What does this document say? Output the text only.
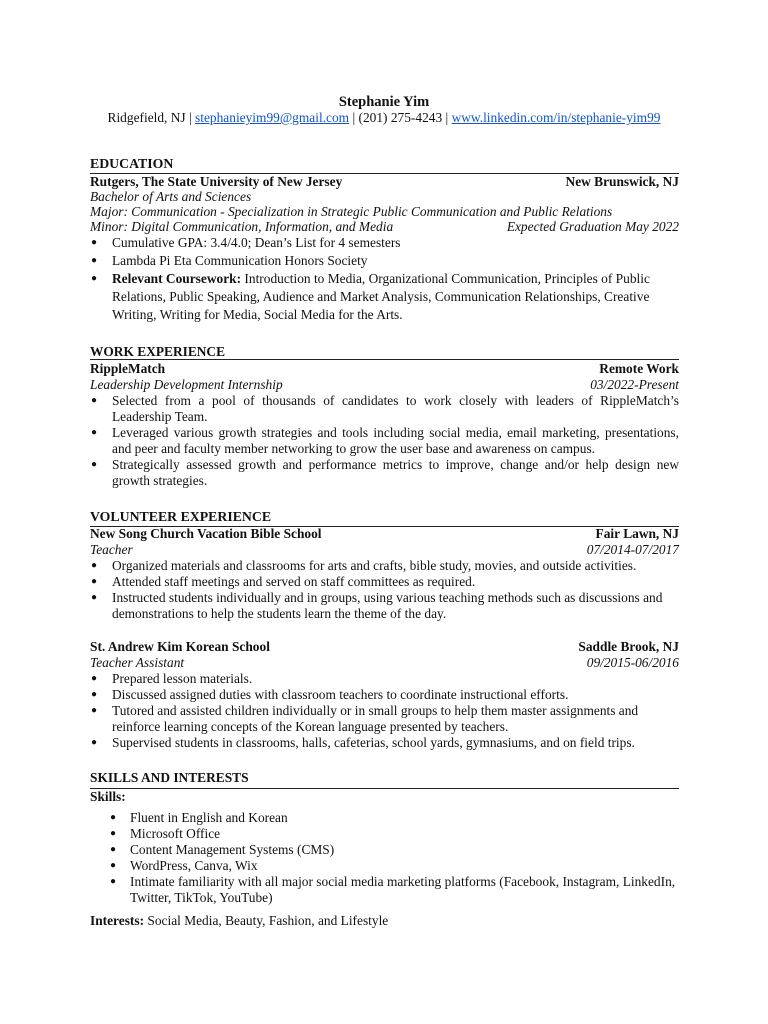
Stephanie Yim
Ridgefield, NJ | stephanieyim99@gmail.com | (201) 275-4243 | www.linkedin.com/in/stephanie-yim99
EDUCATION
Rutgers, The State University of New Jersey	New Brunswick, NJ
Bachelor of Arts and Sciences
Major: Communication - Specialization in Strategic Public Communication and Public Relations
Minor: Digital Communication, Information, and Media	Expected Graduation May 2022
● Cumulative GPA: 3.4/4.0; Dean’s List for 4 semesters
● Lambda Pi Eta Communication Honors Society
● Relevant Coursework: Introduction to Media, Organizational Communication, Principles of Public Relations, Public Speaking, Audience and Market Analysis, Communication Relationships, Creative Writing, Writing for Media, Social Media for the Arts.
WORK EXPERIENCE
RippleMatch	Remote Work
Leadership Development Internship	03/2022-Present
● Selected from a pool of thousands of candidates to work closely with leaders of RippleMatch’s Leadership Team.
● Leveraged various growth strategies and tools including social media, email marketing, presentations, and peer and faculty member networking to grow the user base and awareness on campus.
● Strategically assessed growth and performance metrics to improve, change and/or help design new growth strategies.
VOLUNTEER EXPERIENCE
New Song Church Vacation Bible School	Fair Lawn, NJ
Teacher	07/2014-07/2017
● Organized materials and classrooms for arts and crafts, bible study, movies, and outside activities.
● Attended staff meetings and served on staff committees as required.
● Instructed students individually and in groups, using various teaching methods such as discussions and demonstrations to help the students learn the theme of the day.
St. Andrew Kim Korean School	Saddle Brook, NJ
Teacher Assistant	09/2015-06/2016
● Prepared lesson materials.
● Discussed assigned duties with classroom teachers to coordinate instructional efforts.
● Tutored and assisted children individually or in small groups to help them master assignments and reinforce learning concepts of the Korean language presented by teachers.
● Supervised students in classrooms, halls, cafeterias, school yards, gymnasiums, and on field trips.
SKILLS AND INTERESTS
Skills:
● Fluent in English and Korean
● Microsoft Office
● Content Management Systems (CMS)
● WordPress, Canva, Wix
● Intimate familiarity with all major social media marketing platforms (Facebook, Instagram, LinkedIn, Twitter, TikTok, YouTube)
Interests: Social Media, Beauty, Fashion, and Lifestyle
